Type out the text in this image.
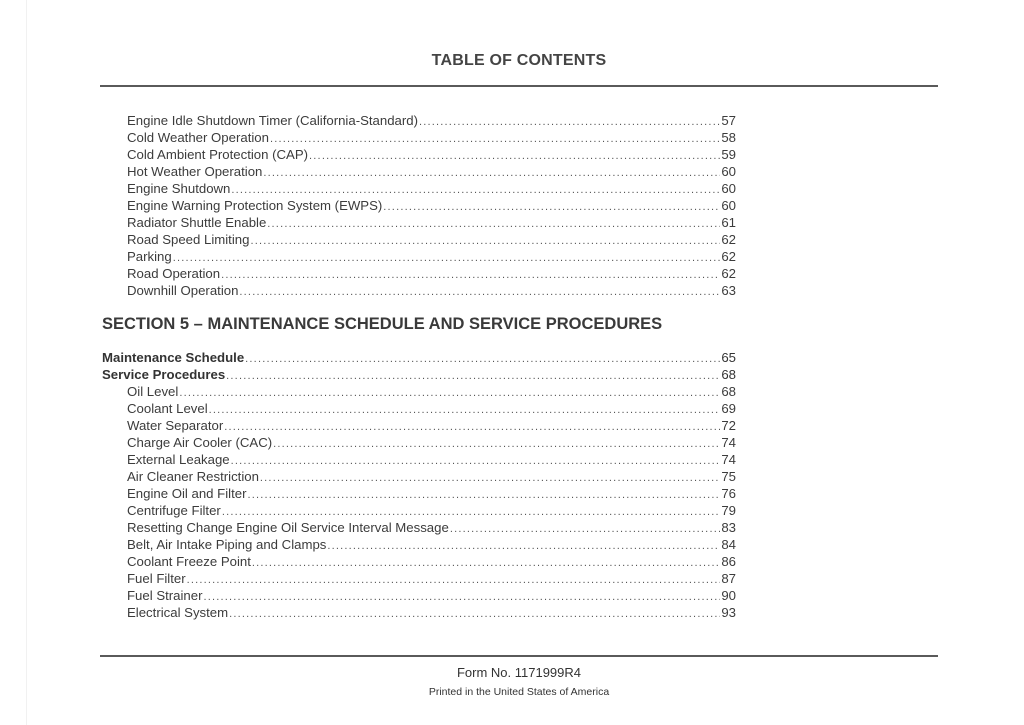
TABLE OF CONTENTS
Engine Idle Shutdown Timer (California-Standard) .....	57
Cold Weather Operation .....	58
Cold Ambient Protection (CAP) .....	59
Hot Weather Operation .....	60
Engine Shutdown .....	60
Engine Warning Protection System (EWPS) .....	60
Radiator Shuttle Enable .....	61
Road Speed Limiting .....	62
Parking .....	62
Road Operation .....	62
Downhill Operation .....	63
SECTION 5 – MAINTENANCE SCHEDULE AND SERVICE PROCEDURES
Maintenance Schedule .....	65
Service Procedures .....	68
Oil Level .....	68
Coolant Level .....	69
Water Separator .....	72
Charge Air Cooler (CAC) .....	74
External Leakage .....	74
Air Cleaner Restriction .....	75
Engine Oil and Filter .....	76
Centrifuge Filter .....	79
Resetting Change Engine Oil Service Interval Message .....	83
Belt, Air Intake Piping and Clamps .....	84
Coolant Freeze Point .....	86
Fuel Filter .....	87
Fuel Strainer .....	90
Electrical System .....	93
Form No. 1171999R4
Printed in the United States of America
